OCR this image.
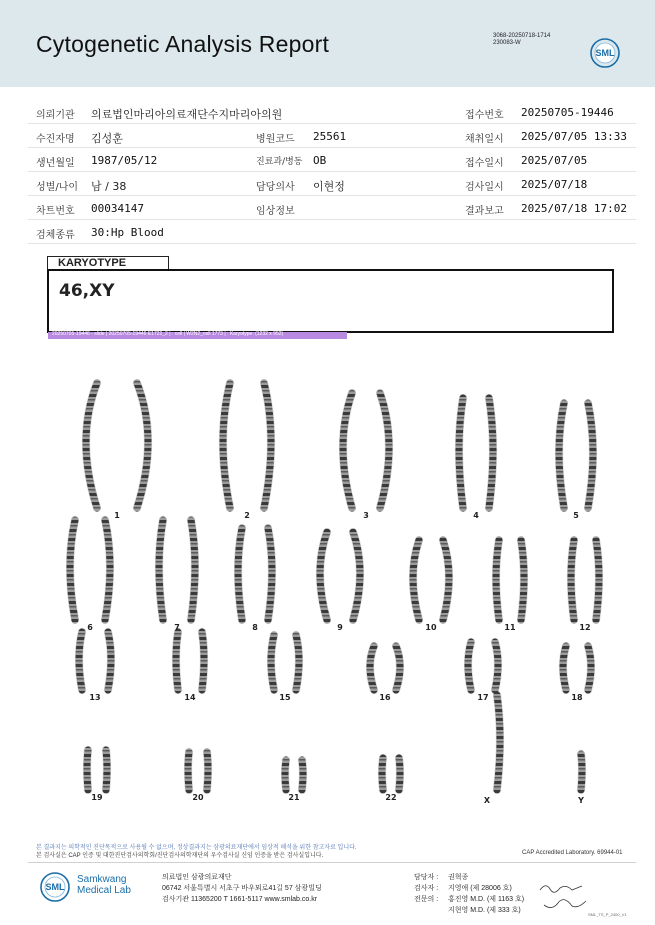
Cytogenetic Analysis Report	3068-20250718-1714
230083-W
SML
의뢰기관 의료법인마리아의료재단수지마리아의원	접수번호 20250705-19446
수진자명 김성훈	병원코드 25561	채취일시 2025/07/05 13:33
생년월일 1987/05/12	진료과/병동 OB	접수일시 2025/07/05
성별/나이 남 / 38	담당의사 이현정	검사일시 2025/07/18
차트번호 00034147	임상정보	결과보고 2025/07/18 17:02
검체종류 30:Hp Blood
KARYOTYPE
46,XY
20250705-19446 - slide | 20250705-19446 E1722_2 | : cell | W2N2_cell 1773 | : Karyotype: (1232 x 952)
1	2	3	4	5
6	7	8	9	10	11	12
13	14	15	16	17	18
19	20	21	22	X	Y
본 결과지는 의학적인 진단목적으로 사용될 수 없으며, 정상결과지는 삼광의료재단에서 임상적 해석을 위한 참고자료 입니다.
본 검사실은 CAP 인증 및 대한진단검사의학회/진단검사의학재단의 우수검사실 신임 인증을 받은 검사실입니다.	CAP Accredited Laboratory. 69944-01
SML
Samkwang
Medical Lab
의료법인 삼광의료재단
06742 서울특별시 서초구 바우뫼로41길 57 삼광빌딩
검사기관 11365200 T 1661-5117 www.smlab.co.kr
담당자 : 권혁종
검사자 : 지영애 (제 28006 호)
전문의 : 홍진영 M.D. (제 1163 호)
지현영 M.D. (제 333 호)
SML_TS_P_2400_V1
